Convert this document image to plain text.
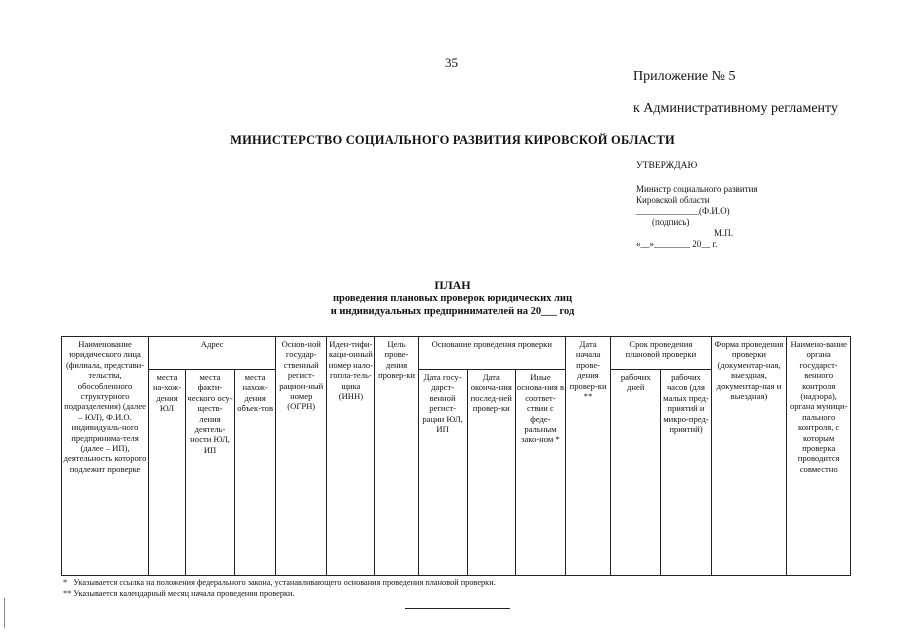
35
Приложение № 5
к Административному регламенту
МИНИСТЕРСТВО СОЦИАЛЬНОГО РАЗВИТИЯ КИРОВСКОЙ ОБЛАСТИ
УТВЕРЖДАЮ
Министр социального развития
Кировской области
______________(Ф.И.О)
(подпись)
М.П.
«__»________ 20__ г.
ПЛАН
проведения плановых проверок юридических лиц
и индивидуальных предпринимателей на 20___ год
Наименование юридического лица (филиала, представи-тельства, обособленного структурного подразделения) (далее – ЮЛ), Ф.И.О. индивидуаль-ного предпринима-теля (далее – ИП), деятельность которого подлежит проверке	Адрес			Основ-ной государ-ственный регист-рацион-ный номер (ОГРН)	Иден-тифи-каци-онный номер нало-гопла-тель-щика (ИНН)	Цель прове-дения провер-ки	Основание проведения проверки			Дата начала прове-дения провер-ки **	Срок проведения плановой проверки		Форма проведения проверки (документар-ная, выездная, документар-ная и выездная)	Наимено-вание органа государст-венного контроля (надзора), органа муници-пального контроля, с которым проверка проводится совместно
	места на-хож-дения ЮЛ	места факти-ческого осу-ществ-ления деятель-ности ЮЛ, ИП	места нахож-дения объек-тов				Дата госу-дарст-венной регист-рации ЮЛ, ИП	Дата оконча-ния послед-ней провер-ки	Иные основа-ния в соответ-ствии с феде-ральным зако-ном *		рабочих дней	рабочих часов (для малых пред-приятий и микро-пред-приятий)		
*   Указывается ссылка на положения федерального закона, устанавливающего основания проведения плановой проверки.
** Указывается календарный месяц начала проведения проверки.
